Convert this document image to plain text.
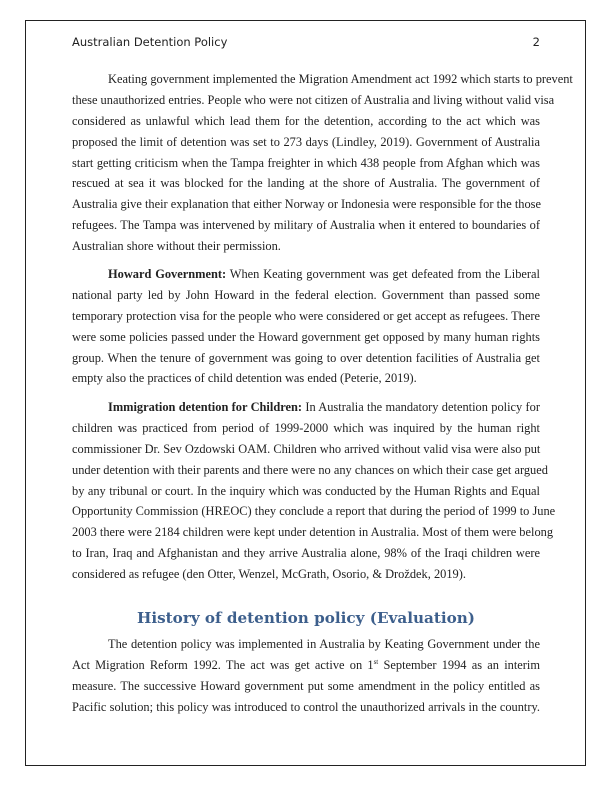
Australian Detention Policy	2
Keating government implemented the Migration Amendment act 1992 which starts to prevent
these unauthorized entries. People who were not citizen of Australia and living without valid visa
considered as unlawful which lead them for the detention, according to the act which was
proposed the limit of detention was set to 273 days (Lindley, 2019). Government of Australia
start getting criticism when the Tampa freighter in which 438 people from Afghan which was
rescued at sea it was blocked for the landing at the shore of Australia. The government of
Australia give their explanation that either Norway or Indonesia were responsible for the those
refugees. The Tampa was intervened by military of Australia when it entered to boundaries of
Australian shore without their permission.
Howard Government: When Keating government was get defeated from the Liberal
national party led by John Howard in the federal election. Government than passed some
temporary protection visa for the people who were considered or get accept as refugees. There
were some policies passed under the Howard government get opposed by many human rights
group. When the tenure of government was going to over detention facilities of Australia get
empty also the practices of child detention was ended (Peterie, 2019).
Immigration detention for Children: In Australia the mandatory detention policy for
children was practiced from period of 1999-2000 which was inquired by the human right
commissioner Dr. Sev Ozdowski OAM. Children who arrived without valid visa were also put
under detention with their parents and there were no any chances on which their case get argued
by any tribunal or court. In the inquiry which was conducted by the Human Rights and Equal
Opportunity Commission (HREOC) they conclude a report that during the period of 1999 to June
2003 there were 2184 children were kept under detention in Australia. Most of them were belong
to Iran, Iraq and Afghanistan and they arrive Australia alone, 98% of the Iraqi children were
considered as refugee (den Otter, Wenzel, McGrath, Osorio, & Droždek, 2019).
History of detention policy (Evaluation)
The detention policy was implemented in Australia by Keating Government under the
Act Migration Reform 1992. The act was get active on 1st September 1994 as an interim
measure. The successive Howard government put some amendment in the policy entitled as
Pacific solution; this policy was introduced to control the unauthorized arrivals in the country.
